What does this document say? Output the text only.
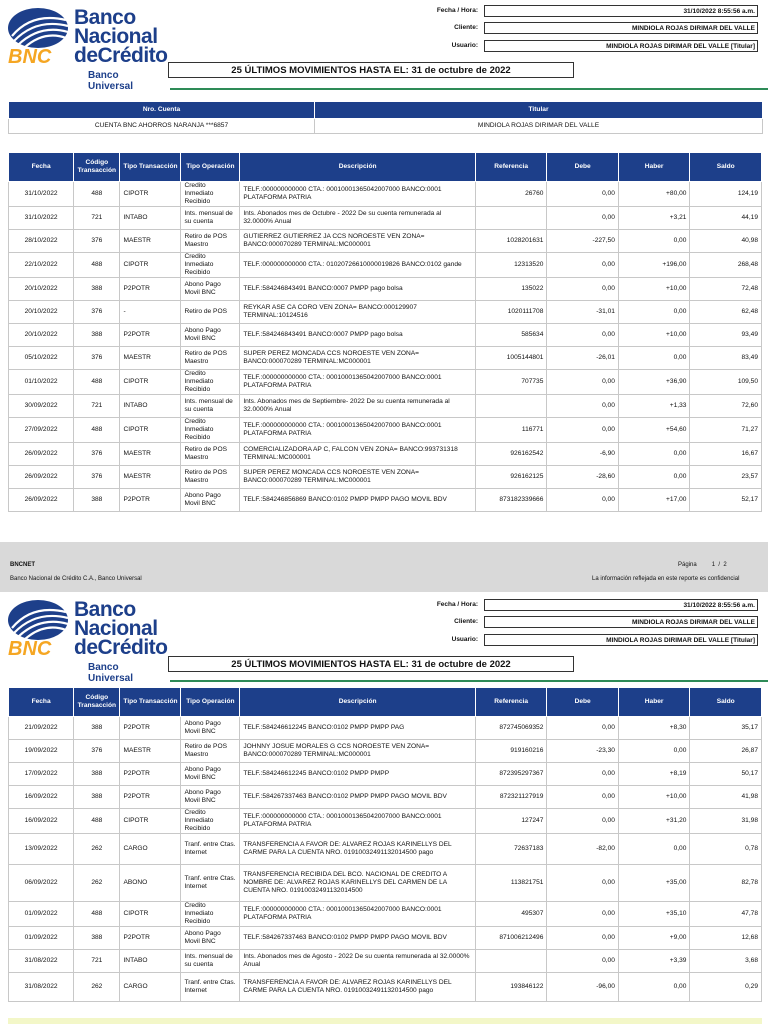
Banco
Nacional
deCrédito
BNC
Banco Universal
Fecha / Hora:	31/10/2022 8:55:56 a.m.
Cliente:	MINDIOLA ROJAS DIRIMAR DEL VALLE
Usuario:	MINDIOLA ROJAS DIRIMAR DEL VALLE [Titular]
25 ÚLTIMOS MOVIMIENTOS HASTA EL: 31 de octubre de 2022
Nro. Cuenta	Titular
CUENTA BNC AHORROS NARANJA ***6857	MINDIOLA ROJAS DIRIMAR DEL VALLE
Fecha	Código Transacción	Tipo Transacción	Tipo Operación	Descripción	Referencia	Debe	Haber	Saldo
31/10/2022	488	CIPOTR	Credito Inmediato Recibido	TELF.:000000000000 CTA.: 00010001365042007000 BANCO:0001 PLATAFORMA PATRIA	26760	0,00	+80,00	124,19
31/10/2022	721	INTABO	Ints. mensual de su cuenta	Ints. Abonados mes de Octubre - 2022 De su cuenta remunerada al 32.0000% Anual		0,00	+3,21	44,19
28/10/2022	376	MAESTR	Retiro de POS Maestro	GUTIERREZ GUTIERREZ JA CCS NOROESTE VEN ZONA= BANCO:000070289 TERMINAL:MC000001	1028201631	-227,50	0,00	40,98
22/10/2022	488	CIPOTR	Credito Inmediato Recibido	TELF.:000000000000 CTA.: 01020726610000019826 BANCO:0102 gande	12313520	0,00	+196,00	268,48
20/10/2022	388	P2POTR	Abono Pago Movil BNC	TELF.:584246843491 BANCO:0007 PMPP pago bolsa	135022	0,00	+10,00	72,48
20/10/2022	376	-	Retiro de POS	REYKAR ASE CA CORO VEN ZONA= BANCO:000129907 TERMINAL:10124516	1020111708	-31,01	0,00	62,48
20/10/2022	388	P2POTR	Abono Pago Movil BNC	TELF.:584246843491 BANCO:0007 PMPP pago bolsa	585634	0,00	+10,00	93,49
05/10/2022	376	MAESTR	Retiro de POS Maestro	SUPER PEREZ MONCADA CCS NOROESTE VEN ZONA= BANCO:000070289 TERMINAL:MC000001	1005144801	-26,01	0,00	83,49
01/10/2022	488	CIPOTR	Credito Inmediato Recibido	TELF.:000000000000 CTA.: 00010001365042007000 BANCO:0001 PLATAFORMA PATRIA	707735	0,00	+36,90	109,50
30/09/2022	721	INTABO	Ints. mensual de su cuenta	Ints. Abonados mes de Septiembre- 2022 De su cuenta remunerada al 32.0000% Anual		0,00	+1,33	72,60
27/09/2022	488	CIPOTR	Credito Inmediato Recibido	TELF.:000000000000 CTA.: 00010001365042007000 BANCO:0001 PLATAFORMA PATRIA	116771	0,00	+54,60	71,27
26/09/2022	376	MAESTR	Retiro de POS Maestro	COMERCIALIZADORA AP C, FALCON VEN ZONA= BANCO:993731318 TERMINAL:MC000001	926162542	-6,90	0,00	16,67
26/09/2022	376	MAESTR	Retiro de POS Maestro	SUPER PEREZ MONCADA CCS NOROESTE VEN ZONA= BANCO:000070289 TERMINAL:MC000001	926162125	-28,60	0,00	23,57
26/09/2022	388	P2POTR	Abono Pago Movil BNC	TELF.:584246856869 BANCO:0102 PMPP PMPP PAGO MOVIL BDV	873182339666	0,00	+17,00	52,17
BNCNET
Banco Nacional de Crédito C.A., Banco Universal
Página	1 / 2
La información reflejada en este reporte es confidencial
Banco
Nacional
deCrédito
BNC
Banco Universal
Fecha / Hora:	31/10/2022 8:55:56 a.m.
Cliente:	MINDIOLA ROJAS DIRIMAR DEL VALLE
Usuario:	MINDIOLA ROJAS DIRIMAR DEL VALLE [Titular]
25 ÚLTIMOS MOVIMIENTOS HASTA EL: 31 de octubre de 2022
Fecha	Código Transacción	Tipo Transacción	Tipo Operación	Descripción	Referencia	Debe	Haber	Saldo
21/09/2022	388	P2POTR	Abono Pago Movil BNC	TELF.:584246612245 BANCO:0102 PMPP PMPP PAG	872745069352	0,00	+8,30	35,17
19/09/2022	376	MAESTR	Retiro de POS Maestro	JOHNNY JOSUE MORALES G CCS NOROESTE VEN ZONA= BANCO:000070289 TERMINAL:MC000001	919160216	-23,30	0,00	26,87
17/09/2022	388	P2POTR	Abono Pago Movil BNC	TELF.:584246612245 BANCO:0102 PMPP PMPP	872395297367	0,00	+8,19	50,17
16/09/2022	388	P2POTR	Abono Pago Movil BNC	TELF.:584267337463 BANCO:0102 PMPP PMPP PAGO MOVIL BDV	872321127919	0,00	+10,00	41,98
16/09/2022	488	CIPOTR	Credito Inmediato Recibido	TELF.:000000000000 CTA.: 00010001365042007000 BANCO:0001 PLATAFORMA PATRIA	127247	0,00	+31,20	31,98
13/09/2022	262	CARGO	Tranf. entre Ctas. Internet	TRANSFERENCIA A FAVOR DE: ALVAREZ ROJAS KARINELLYS DEL CARME PARA LA CUENTA NRO. 01910032491132014500 pago	72637183	-82,00	0,00	0,78
06/09/2022	262	ABONO	Tranf. entre Ctas. Internet	TRANSFERENCIA RECIBIDA DEL BCO. NACIONAL DE CREDITO A NOMBRE DE: ALVAREZ ROJAS KARINELLYS DEL CARMEN DE LA CUENTA NRO. 01910032491132014500	113821751	0,00	+35,00	82,78
01/09/2022	488	CIPOTR	Credito Inmediato Recibido	TELF.:000000000000 CTA.: 00010001365042007000 BANCO:0001 PLATAFORMA PATRIA	495307	0,00	+35,10	47,78
01/09/2022	388	P2POTR	Abono Pago Movil BNC	TELF.:584267337463 BANCO:0102 PMPP PMPP PAGO MOVIL BDV	871006212496	0,00	+9,00	12,68
31/08/2022	721	INTABO	Ints. mensual de su cuenta	Ints. Abonados mes de Agosto - 2022 De su cuenta remunerada al 32.0000% Anual		0,00	+3,39	3,68
31/08/2022	262	CARGO	Tranf. entre Ctas. Internet	TRANSFERENCIA A FAVOR DE: ALVAREZ ROJAS KARINELLYS DEL CARME PARA LA CUENTA NRO. 01910032491132014500 pago	193846122	-96,00	0,00	0,29
